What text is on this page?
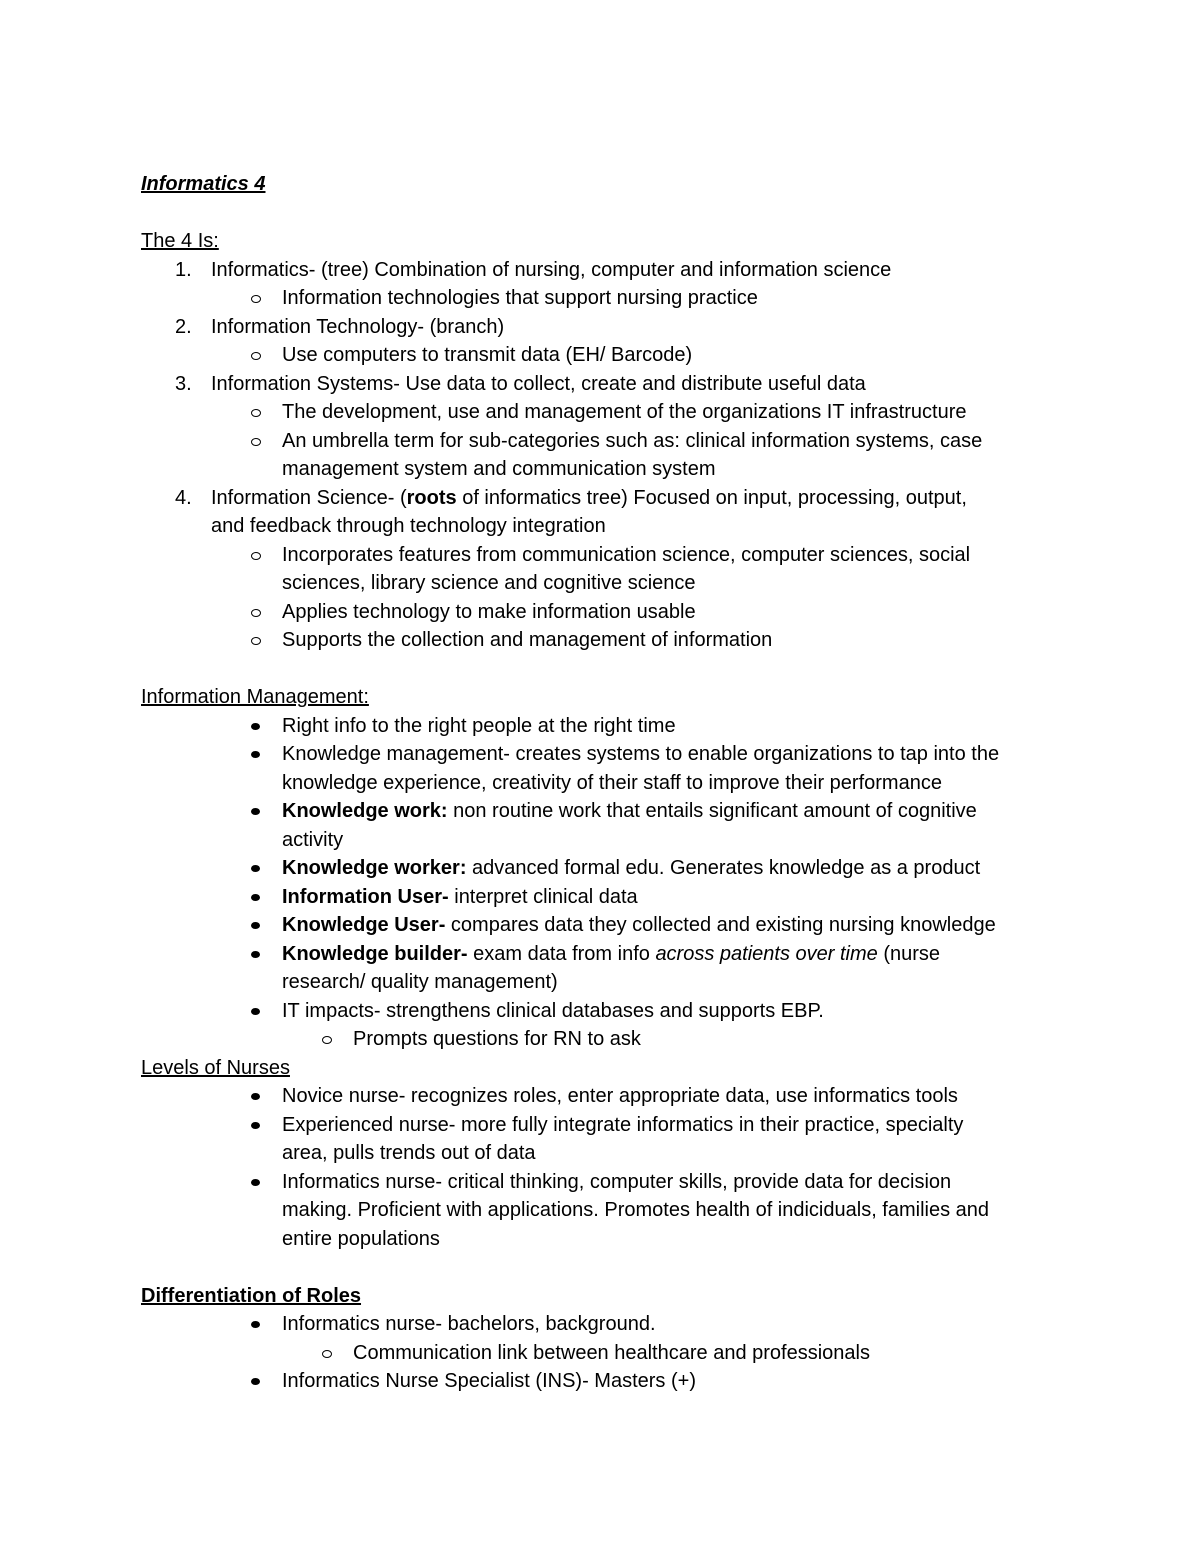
Informatics 4
The 4 Is:
1. Informatics- (tree) Combination of nursing, computer and information science
Information technologies that support nursing practice
2. Information Technology- (branch)
Use computers to transmit data (EH/ Barcode)
3. Information Systems- Use data to collect, create and distribute useful data
The development, use and management of the organizations IT infrastructure
An umbrella term for sub-categories such as: clinical information systems, case
management system and communication system
4. Information Science- (roots of informatics tree) Focused on input, processing, output,
and feedback through technology integration
Incorporates features from communication science, computer sciences, social
sciences, library science and cognitive science
Applies technology to make information usable
Supports the collection and management of information
Information Management:
Right info to the right people at the right time
Knowledge management- creates systems to enable organizations to tap into the
knowledge experience, creativity of their staff to improve their performance
Knowledge work: non routine work that entails significant amount of cognitive
activity
Knowledge worker: advanced formal edu. Generates knowledge as a product
Information User- interpret clinical data
Knowledge User- compares data they collected and existing nursing knowledge
Knowledge builder- exam data from info across patients over time (nurse
research/ quality management)
IT impacts- strengthens clinical databases and supports EBP.
Prompts questions for RN to ask
Levels of Nurses
Novice nurse- recognizes roles, enter appropriate data, use informatics tools
Experienced nurse- more fully integrate informatics in their practice, specialty
area, pulls trends out of data
Informatics nurse- critical thinking, computer skills, provide data for decision
making. Proficient with applications. Promotes health of indiciduals, families and
entire populations
Differentiation of Roles
Informatics nurse- bachelors, background.
Communication link between healthcare and professionals
Informatics Nurse Specialist (INS)- Masters (+)
